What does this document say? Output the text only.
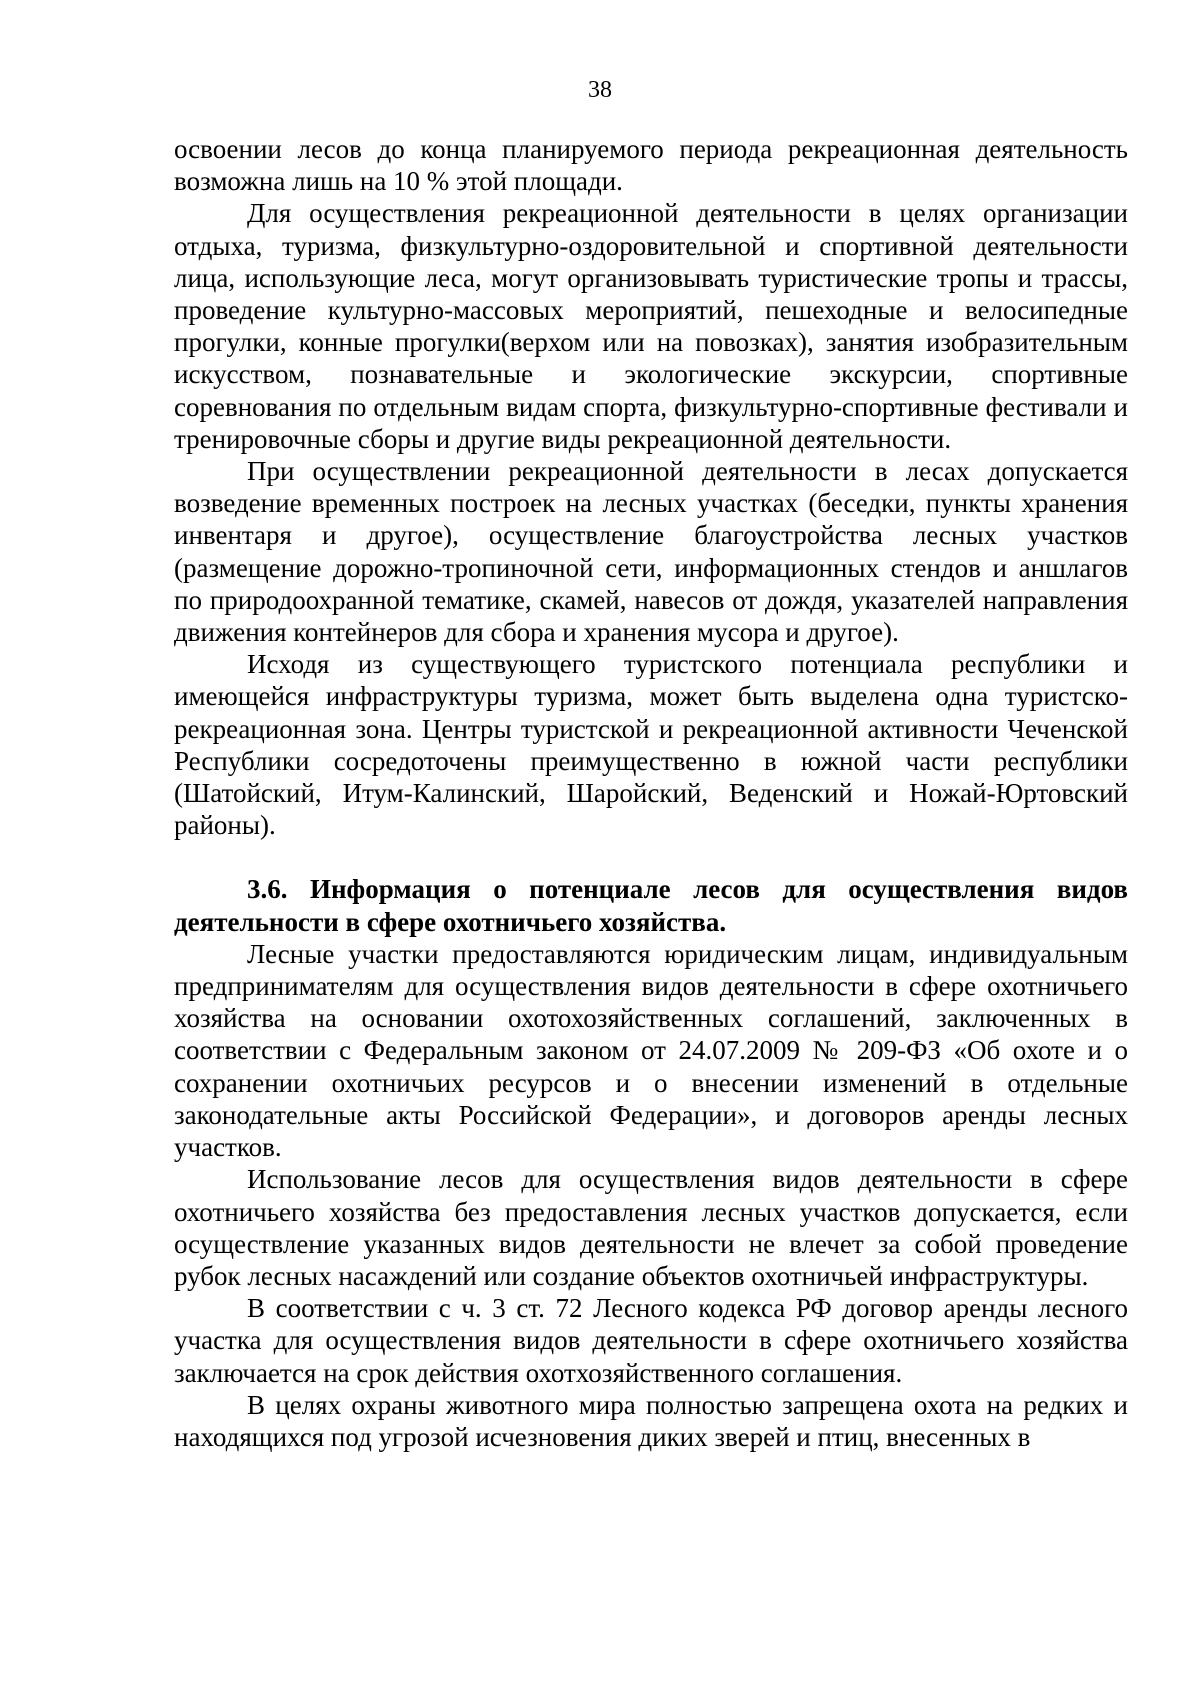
38

освоении лесов до конца планируемого периода рекреационная деятельность возможна лишь на 10 % этой площади.

Для осуществления рекреационной деятельности в целях организации отдыха, туризма, физкультурно-оздоровительной и спортивной деятельности лица, использующие леса, могут организовывать туристические тропы и трассы, проведение культурно-массовых мероприятий, пешеходные и велосипедные прогулки, конные прогулки(верхом или на повозках), занятия изобразительным искусством, познавательные и экологические экскурсии, спортивные соревнования по отдельным видам спорта, физкультурно-спортивные фестивали и тренировочные сборы и другие виды рекреационной деятельности.

При осуществлении рекреационной деятельности в лесах допускается возведение временных построек на лесных участках (беседки, пункты хранения инвентаря и другое), осуществление благоустройства лесных участков (размещение дорожно-тропиночной сети, информационных стендов и аншлагов по природоохранной тематике, скамей, навесов от дождя, указателей направления движения контейнеров для сбора и хранения мусора и другое).

Исходя из существующего туристского потенциала республики и имеющейся инфраструктуры туризма, может быть выделена одна туристско-рекреационная зона. Центры туристской и рекреационной активности Чеченской Республики сосредоточены преимущественно в южной части республики (Шатойский, Итум-Калинский, Шаройский, Веденский и Ножай-Юртовский районы).

3.6. Информация о потенциале лесов для осуществления видов деятельности в сфере охотничьего хозяйства.

Лесные участки предоставляются юридическим лицам, индивидуальным предпринимателям для осуществления видов деятельности в сфере охотничьего хозяйства на основании охотохозяйственных соглашений, заключенных в соответствии с Федеральным законом от 24.07.2009 № 209-ФЗ «Об охоте и о сохранении охотничьих ресурсов и о внесении изменений в отдельные законодательные акты Российской Федерации», и договоров аренды лесных участков.

Использование лесов для осуществления видов деятельности в сфере охотничьего хозяйства без предоставления лесных участков допускается, если осуществление указанных видов деятельности не влечет за собой проведение рубок лесных насаждений или создание объектов охотничьей инфраструктуры.

В соответствии с ч. 3 ст. 72 Лесного кодекса РФ договор аренды лесного участка для осуществления видов деятельности в сфере охотничьего хозяйства заключается на срок действия охотхозяйственного соглашения.

В целях охраны животного мира полностью запрещена охота на редких и находящихся под угрозой исчезновения диких зверей и птиц, внесенных в
